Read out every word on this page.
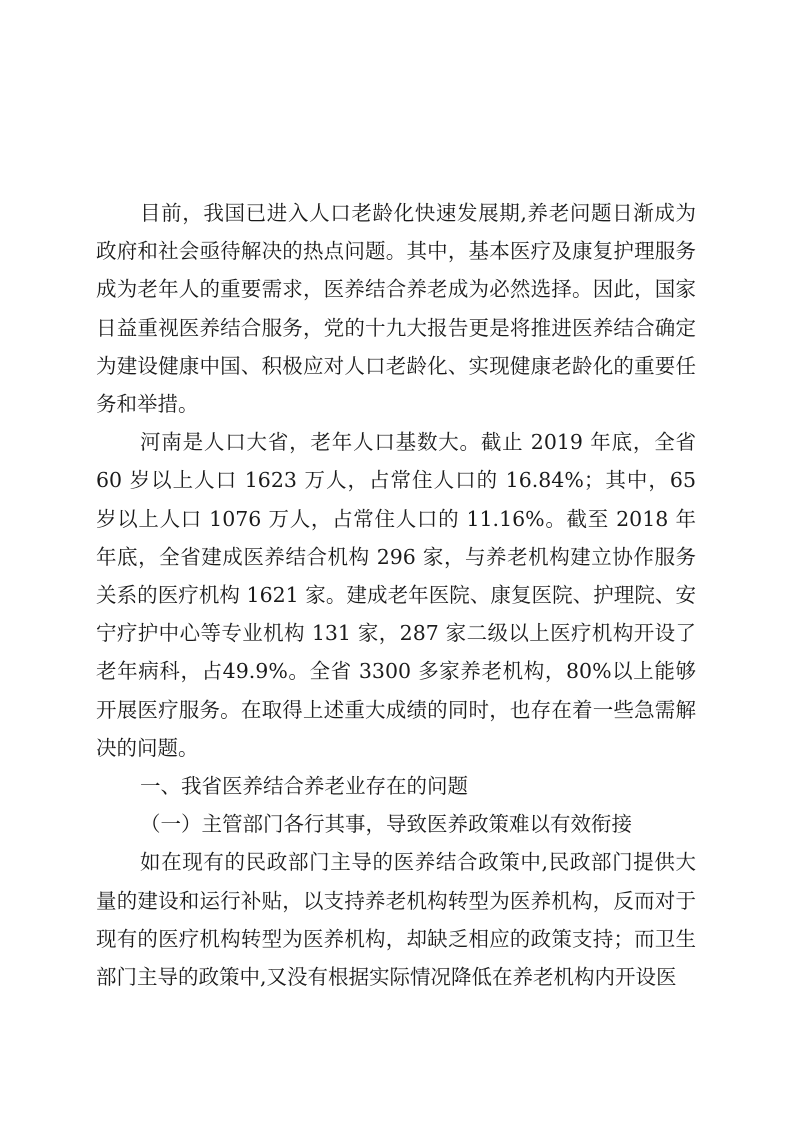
目前，我国已进入人口老龄化快速发展期,养老问题日渐成为政府和社会亟待解决的热点问题。其中，基本医疗及康复护理服务成为老年人的重要需求，医养结合养老成为必然选择。因此，国家日益重视医养结合服务，党的十九大报告更是将推进医养结合确定为建设健康中国、积极应对人口老龄化、实现健康老龄化的重要任务和举措。

河南是人口大省，老年人口基数大。截止 2019 年底，全省 60 岁以上人口 1623 万人，占常住人口的 16.84%；其中，65 岁以上人口 1076 万人，占常住人口的 11.16%。截至 2018 年年底，全省建成医养结合机构 296 家，与养老机构建立协作服务关系的医疗机构 1621 家。建成老年医院、康复医院、护理院、安宁疗护中心等专业机构 131 家，287 家二级以上医疗机构开设了老年病科，占49.9%。全省 3300 多家养老机构，80%以上能够开展医疗服务。在取得上述重大成绩的同时，也存在着一些急需解决的问题。

一、我省医养结合养老业存在的问题

（一）主管部门各行其事，导致医养政策难以有效衔接

如在现有的民政部门主导的医养结合政策中,民政部门提供大量的建设和运行补贴，以支持养老机构转型为医养机构，反而对于现有的医疗机构转型为医养机构，却缺乏相应的政策支持；而卫生部门主导的政策中,又没有根据实际情况降低在养老机构内开设医
